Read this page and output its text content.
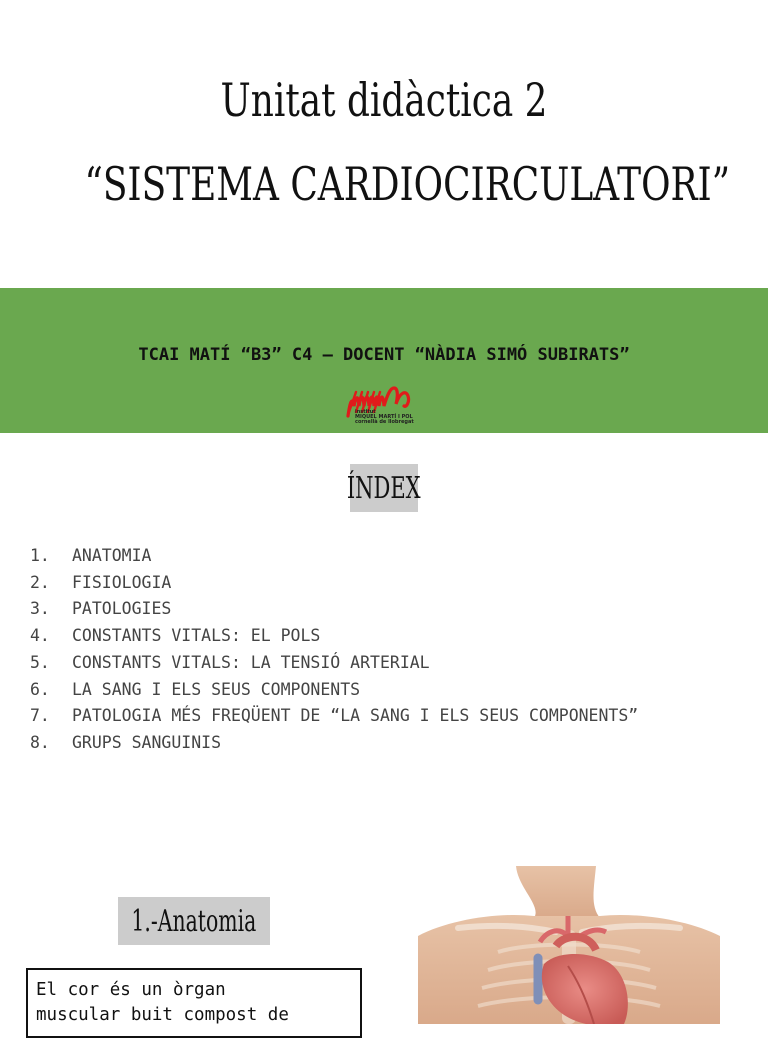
Unitat didàctica 2
“SISTEMA CARDIOCIRCULATORI”
TCAI MATÍ “B3” C4 – DOCENT “NÀDIA SIMÓ SUBIRATS”
institut
MIQUEL MARTÍ I POL
cornellà de llobregat
ÍNDEX
1. ANATOMIA
2. FISIOLOGIA
3. PATOLOGIES
4. CONSTANTS VITALS: EL POLS
5. CONSTANTS VITALS: LA TENSIÓ ARTERIAL
6. LA SANG I ELS SEUS COMPONENTS
7. PATOLOGIA MÉS FREQÜENT DE “LA SANG I ELS SEUS COMPONENTS”
8. GRUPS SANGUINIS
1.-Anatomia
El cor és un òrgan
muscular buit compost de
